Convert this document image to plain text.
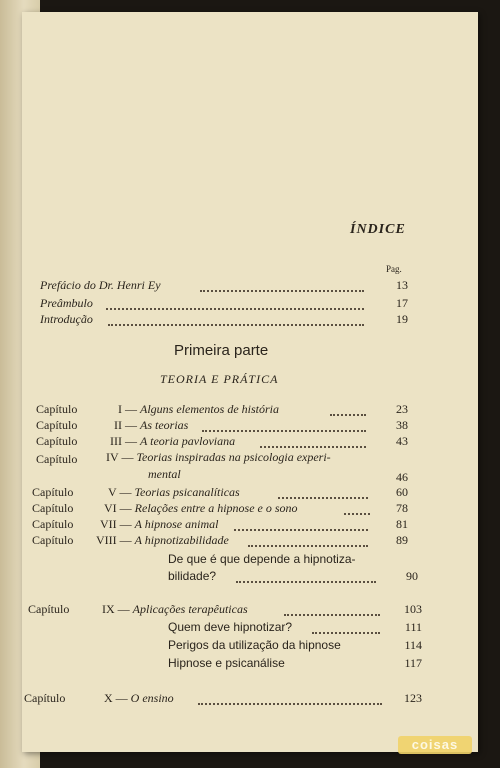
ÍNDICE
Pag.
Prefácio do Dr. Henri Ey	13
Preâmbulo	17
Introdução	19
Primeira parte
TEORIA E PRÁTICA
Capítulo	I — Alguns elementos de história	23
Capítulo	II — As teorias	38
Capítulo	III — A teoria pavloviana	43
Capítulo IV — Teorias inspiradas na psicologia experi-
mental	46
Capítulo	V — Teorias psicanalíticas	60
Capítulo	VI — Relações entre a hipnose e o sono	78
Capítulo VII — A hipnose animal	81
Capítulo VIII — A hipnotizabilidade	89
De que é que depende a hipnotiza-
bilidade?	90
Capítulo	IX — Aplicações terapêuticas	103
Quem deve hipnotizar?	111
Perigos da utilização da hipnose	114
Hipnose e psicanálise	117
Capítulo	X — O ensino	123
coisas
